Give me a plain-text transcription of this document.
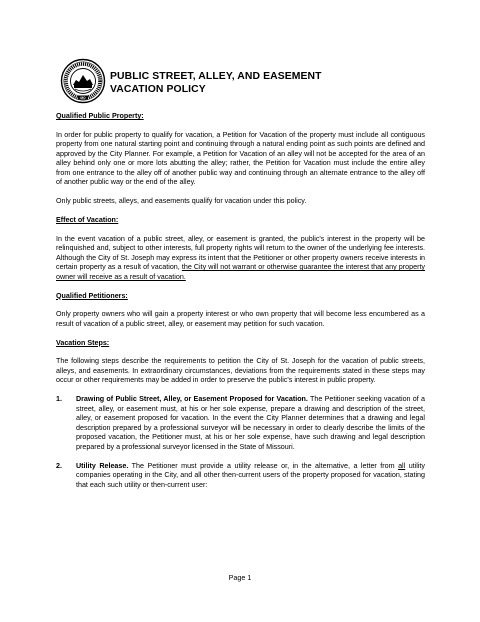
MO
PUBLIC STREET, ALLEY, AND EASEMENT
VACATION POLICY
Qualified Public Property:

In order for public property to qualify for vacation, a Petition for Vacation of the property must include all contiguous property from one natural starting point and continuing through a natural ending point as such points are defined and approved by the City Planner. For example, a Petition for Vacation of an alley will not be accepted for the area of an alley behind only one or more lots abutting the alley; rather, the Petition for Vacation must include the entire alley from one entrance to the alley off of another public way and continuing through an alternate entrance to the alley off of another public way or the end of the alley.

Only public streets, alleys, and easements qualify for vacation under this policy.

Effect of Vacation:

In the event vacation of a public street, alley, or easement is granted, the public's interest in the property will be relinquished and, subject to other interests, full property rights will return to the owner of the underlying fee interests. Although the City of St. Joseph may express its intent that the Petitioner or other property owners receive interests in certain property as a result of vacation, the City will not warrant or otherwise guarantee the interest that any property owner will receive as a result of vacation.

Qualified Petitioners:

Only property owners who will gain a property interest or who own property that will become less encumbered as a result of vacation of a public street, alley, or easement may petition for such vacation.

Vacation Steps:

The following steps describe the requirements to petition the City of St. Joseph for the vacation of public streets, alleys, and easements. In extraordinary circumstances, deviations from the requirements stated in these steps may occur or other requirements may be added in order to preserve the public's interest in public property.

1. Drawing of Public Street, Alley, or Easement Proposed for Vacation. The Petitioner seeking vacation of a street, alley, or easement must, at his or her sole expense, prepare a drawing and description of the street, alley, or easement proposed for vacation. In the event the City Planner determines that a drawing and legal description prepared by a professional surveyor will be necessary in order to clearly describe the limits of the proposed vacation, the Petitioner must, at his or her sole expense, have such drawing and legal description prepared by a professional surveyor licensed in the State of Missouri.
2. Utility Release. The Petitioner must provide a utility release or, in the alternative, a letter from all utility companies operating in the City, and all other then-current users of the property proposed for vacation, stating that each such utility or then-current user:
Page 1
